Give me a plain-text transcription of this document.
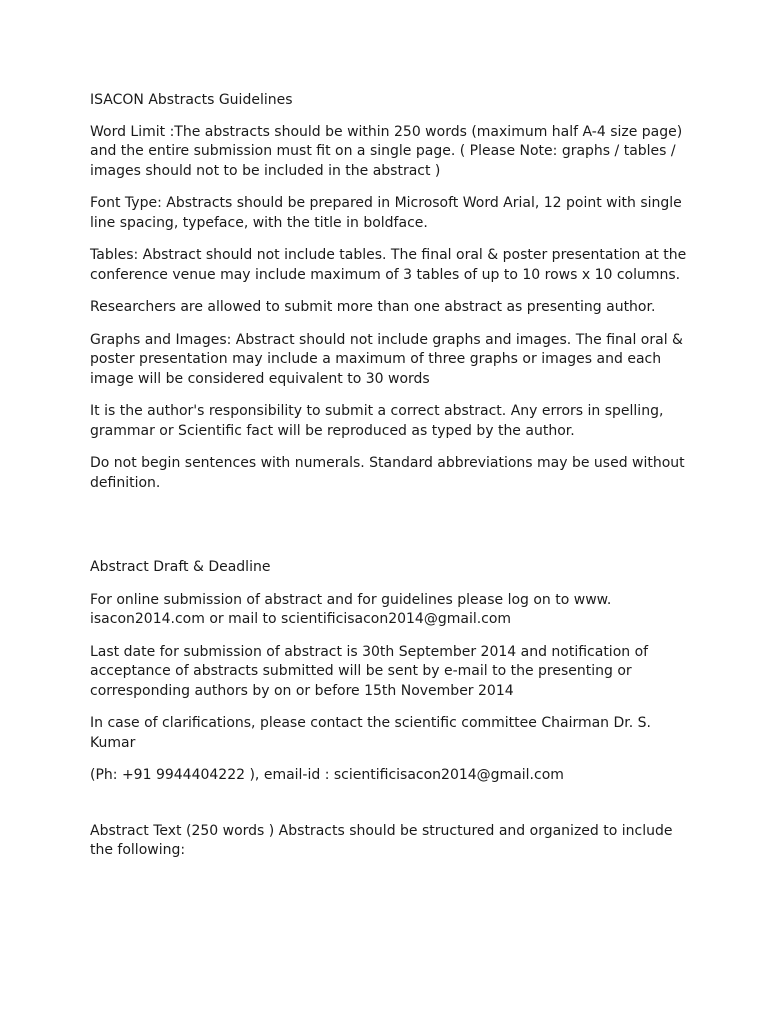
ISACON Abstracts Guidelines

Word Limit :The abstracts should be within 250 words (maximum half A-4 size page) and the entire submission must fit on a single page. ( Please Note: graphs / tables / images should not to be included in the abstract )

Font Type: Abstracts should be prepared in Microsoft Word Arial, 12 point with single line spacing, typeface, with the title in boldface.

Tables: Abstract should not include tables. The final oral & poster presentation at the conference venue may include maximum of 3 tables of up to 10 rows x 10 columns.

Researchers are allowed to submit more than one abstract as presenting author.

Graphs and Images: Abstract should not include graphs and images. The final oral & poster presentation may include a maximum of three graphs or images and each image will be considered equivalent to 30 words

It is the author's responsibility to submit a correct abstract. Any errors in spelling, grammar or Scientific fact will be reproduced as typed by the author.

Do not begin sentences with numerals. Standard abbreviations may be used without definition.

Abstract Draft & Deadline

For online submission of abstract and for guidelines please log on to www. isacon2014.com or mail to scientificisacon2014@gmail.com

Last date for submission of abstract is 30th September 2014 and notification of acceptance of abstracts submitted will be sent by e-mail to the presenting or corresponding authors by on or before 15th November 2014

In case of clarifications, please contact the scientific committee Chairman Dr. S. Kumar

(Ph: +91 9944404222 ), email-id : scientificisacon2014@gmail.com

Abstract Text (250 words ) Abstracts should be structured and organized to include the following:
